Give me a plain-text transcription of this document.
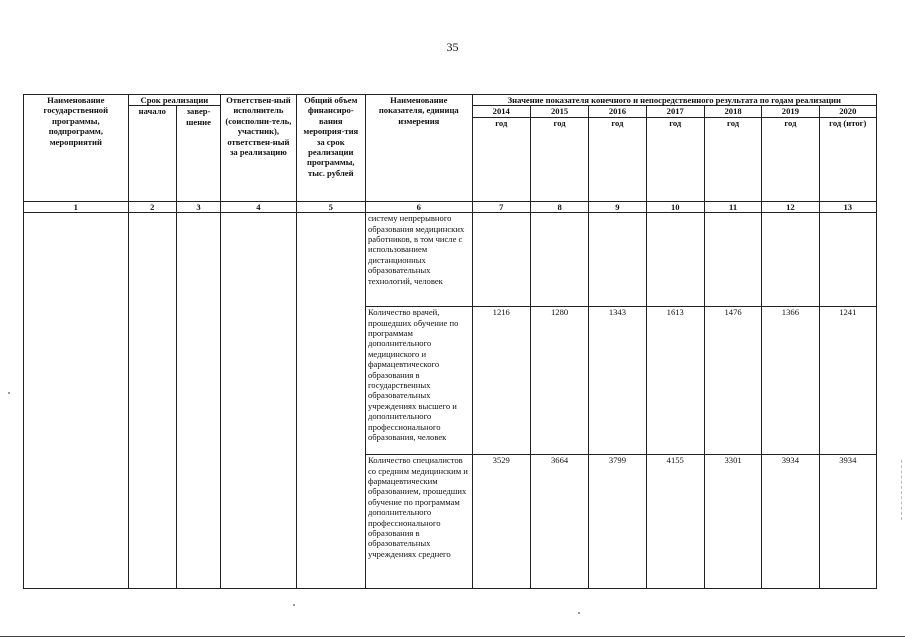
35
Наименование государственной программы, подпрограмм, мероприятий	Срок реализации		Ответствен-ный исполнитель (соисполни-тель, участник), ответствен-ный за реализацию	Общий объем финансиро-вания мероприя-тия за срок реализации программы, тыс. рублей	Наименование показателя, единица измерения	Значение показателя конечного и непосредственного результата по годам реализации						
	начало	завер-шение				2014	2015	2016	2017	2018	2019	2020
						год	год	год	год	год	год	год (итог)
1	2	3	4	5	6	7	8	9	10	11	12	13
					систему непрерывного образования медицинских работников, в том числе с использованием дистанционных образовательных технологий, человек							
					Количество врачей, прошедших обучение по программам дополнительного медицинского и фармацевтического образования в государственных образовательных учреждениях высшего и дополнительного профессионального образования, человек	1216	1280	1343	1613	1476	1366	1241
					Количество специалистов со средним медицинским и фармацевтическим образованием, прошедших обучение по программам дополнительного профессионального образования в образовательных учреждениях среднего	3529	3664	3799	4155	3301	3934	3934
